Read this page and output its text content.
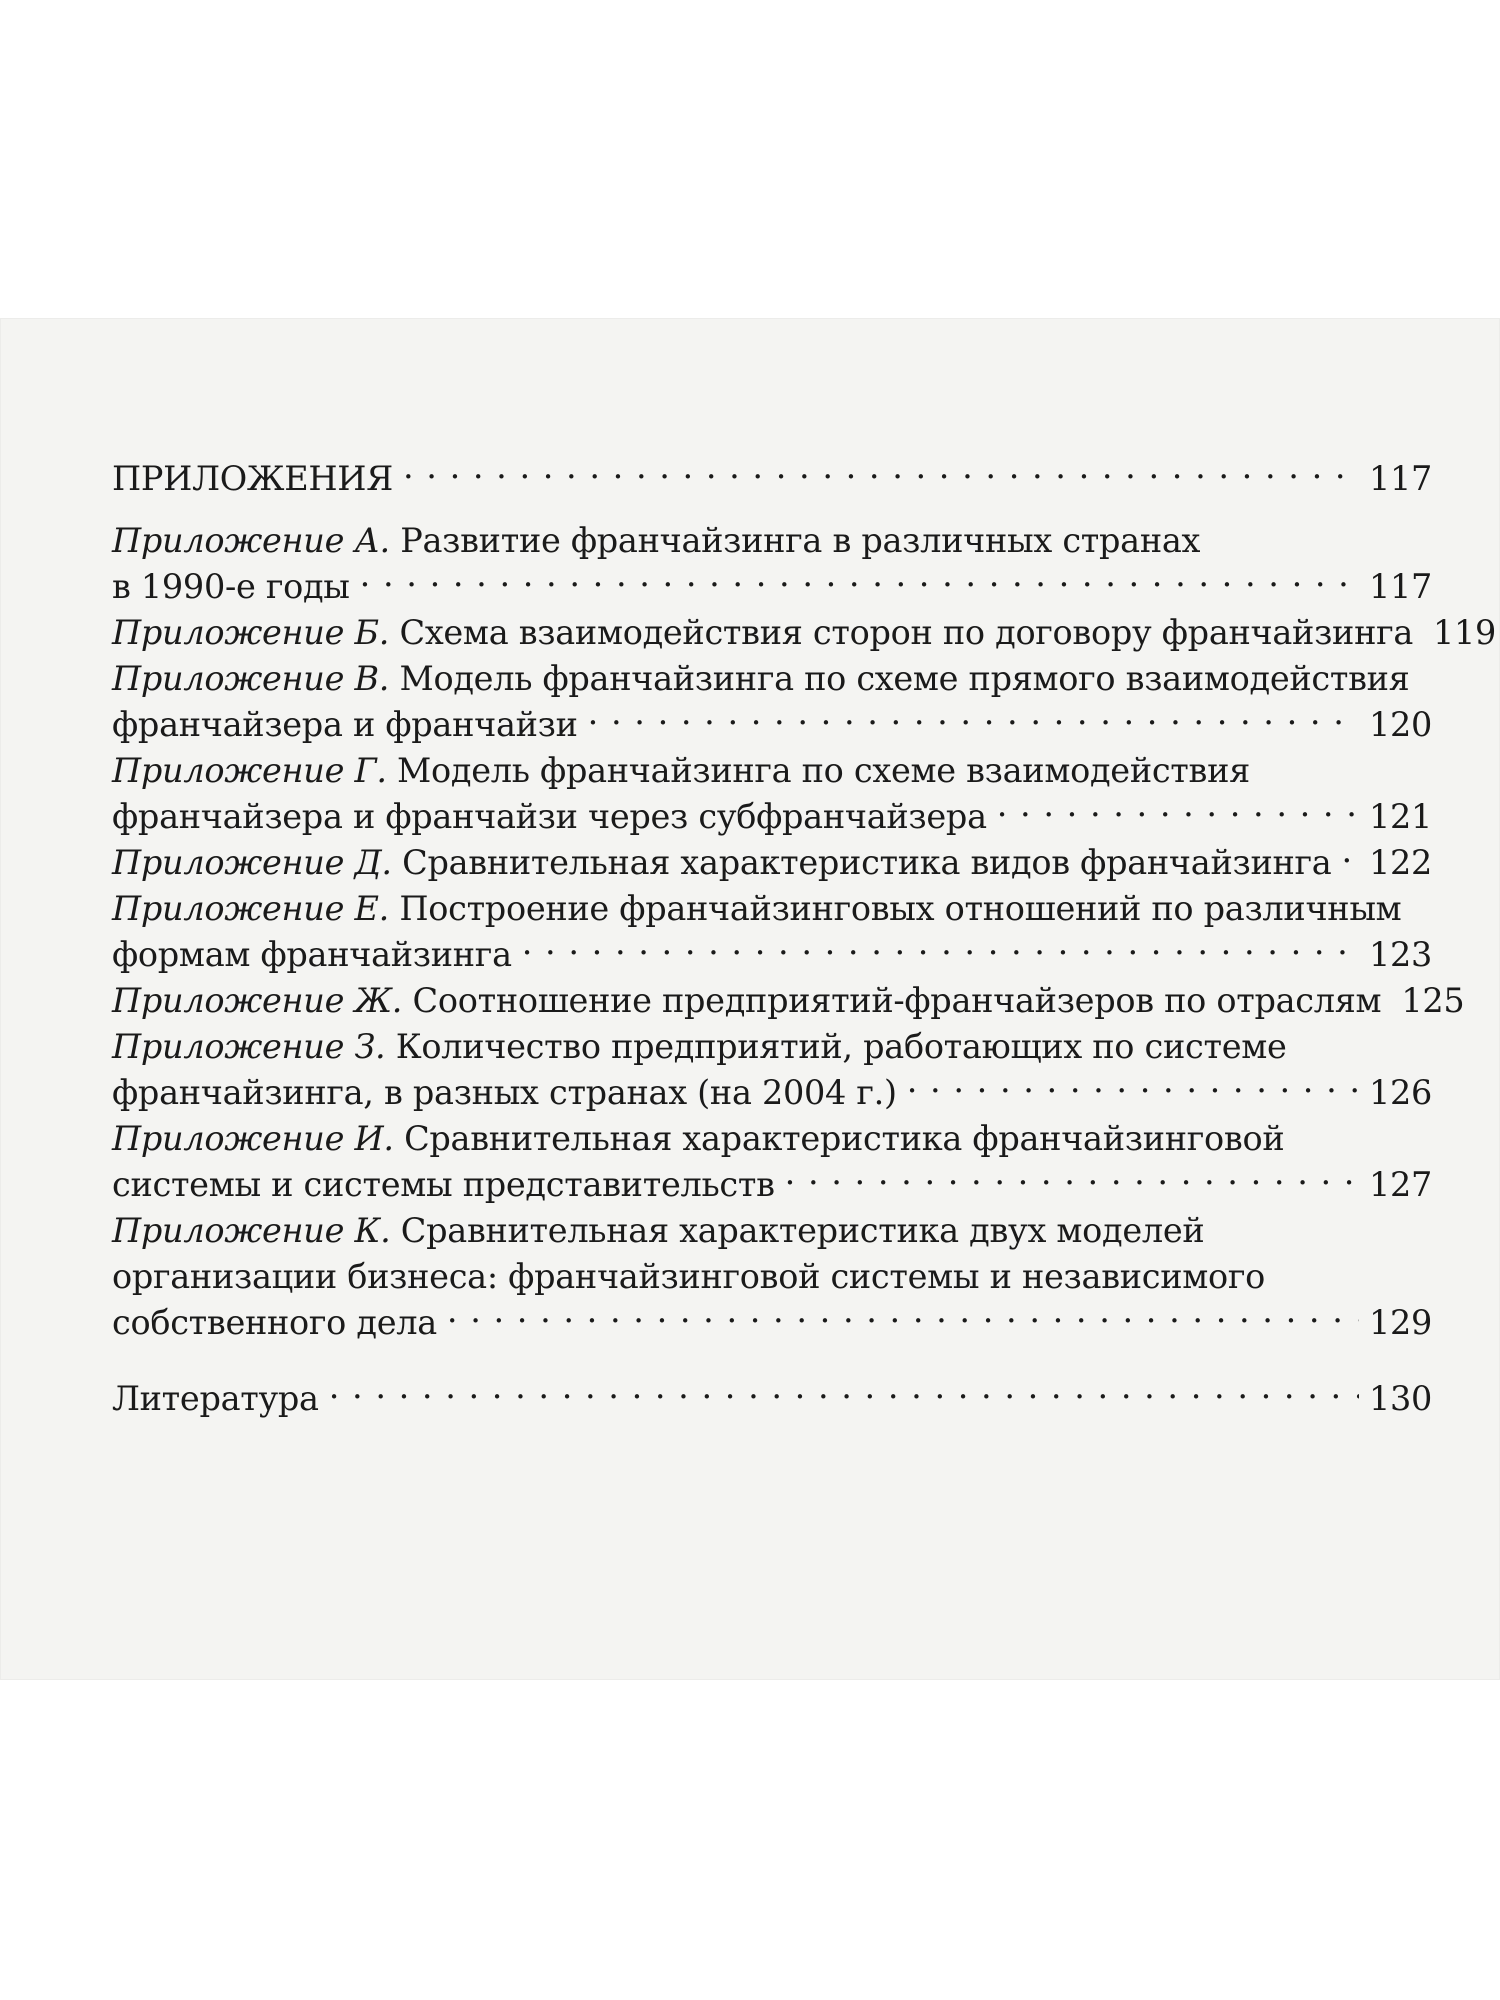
ПРИЛОЖЕНИЯ . . .	117
Приложение А. Развитие франчайзинга в различных странах
в 1990-е годы . . .	117
Приложение Б. Схема взаимодействия сторон по договору франчайзинга 119
Приложение В. Модель франчайзинга по схеме прямого взаимодействия
франчайзера и франчайзи . . .	120
Приложение Г. Модель франчайзинга по схеме взаимодействия
франчайзера и франчайзи через субфранчайзера . . .	121
Приложение Д. Сравнительная характеристика видов франчайзинга . . . 122
Приложение Е. Построение франчайзинговых отношений по различным
формам франчайзинга . . .	123
Приложение Ж. Соотношение предприятий-франчайзеров по отраслям 125
Приложение З. Количество предприятий, работающих по системе
франчайзинга, в разных странах (на 2004 г.) . . .	126
Приложение И. Сравнительная характеристика франчайзинговой
системы и системы представительств . . .	127
Приложение К. Сравнительная характеристика двух моделей
организации бизнеса: франчайзинговой системы и независимого
собственного дела . . .	129
Литература . . .	130
